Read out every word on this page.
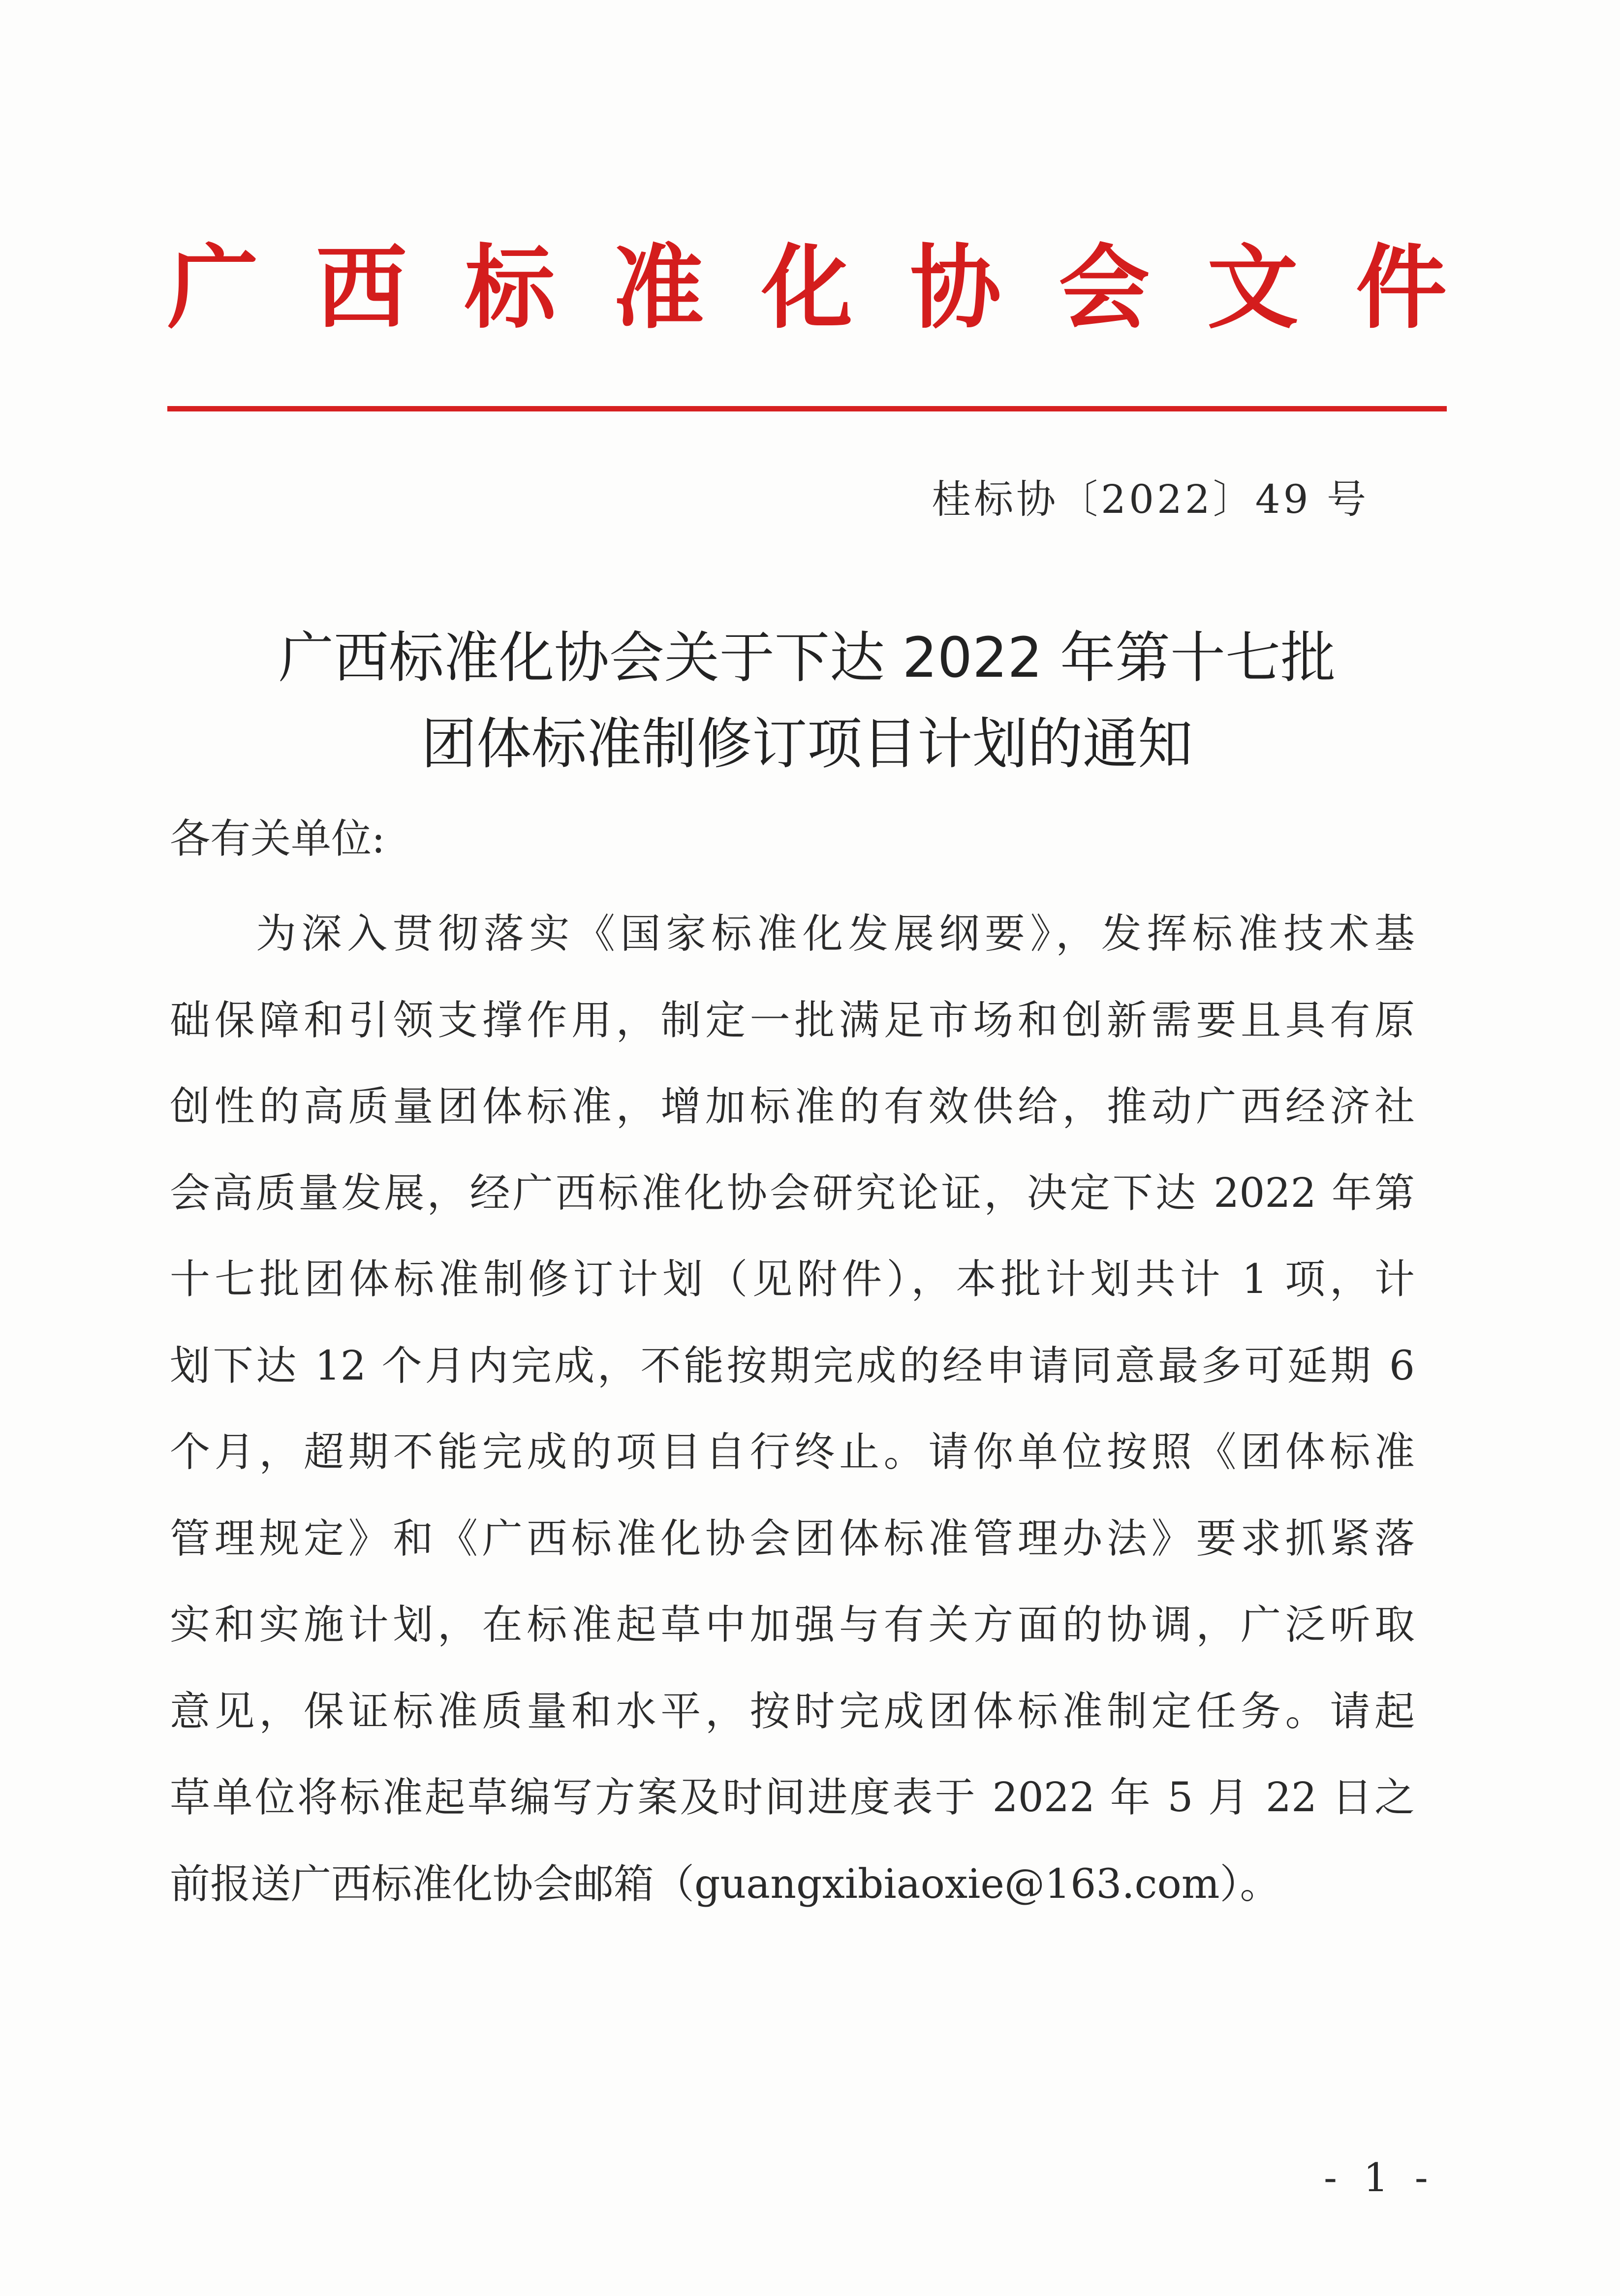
广 西 标 准 化 协 会 文 件
桂标协〔2022〕49 号
广西标准化协会关于下达 2022 年第十七批
团体标准制修订项目计划的通知
各有关单位:
为深入贯彻落实《国家标准化发展纲要》，发挥标准技术基
础保障和引领支撑作用，制定一批满足市场和创新需要且具有原
创性的高质量团体标准，增加标准的有效供给，推动广西经济社
会高质量发展，经广西标准化协会研究论证，决定下达 2022 年第
十七批团体标准制修订计划（见附件），本批计划共计 1 项，计
划下达 12 个月内完成，不能按期完成的经申请同意最多可延期 6
个月，超期不能完成的项目自行终止。请你单位按照《团体标准
管理规定》和《广西标准化协会团体标准管理办法》要求抓紧落
实和实施计划，在标准起草中加强与有关方面的协调，广泛听取
意见，保证标准质量和水平，按时完成团体标准制定任务。请起
草单位将标准起草编写方案及时间进度表于 2022 年 5 月 22 日之
前报送广西标准化协会邮箱（guangxibiaoxie@163.com）。
- 1 -
